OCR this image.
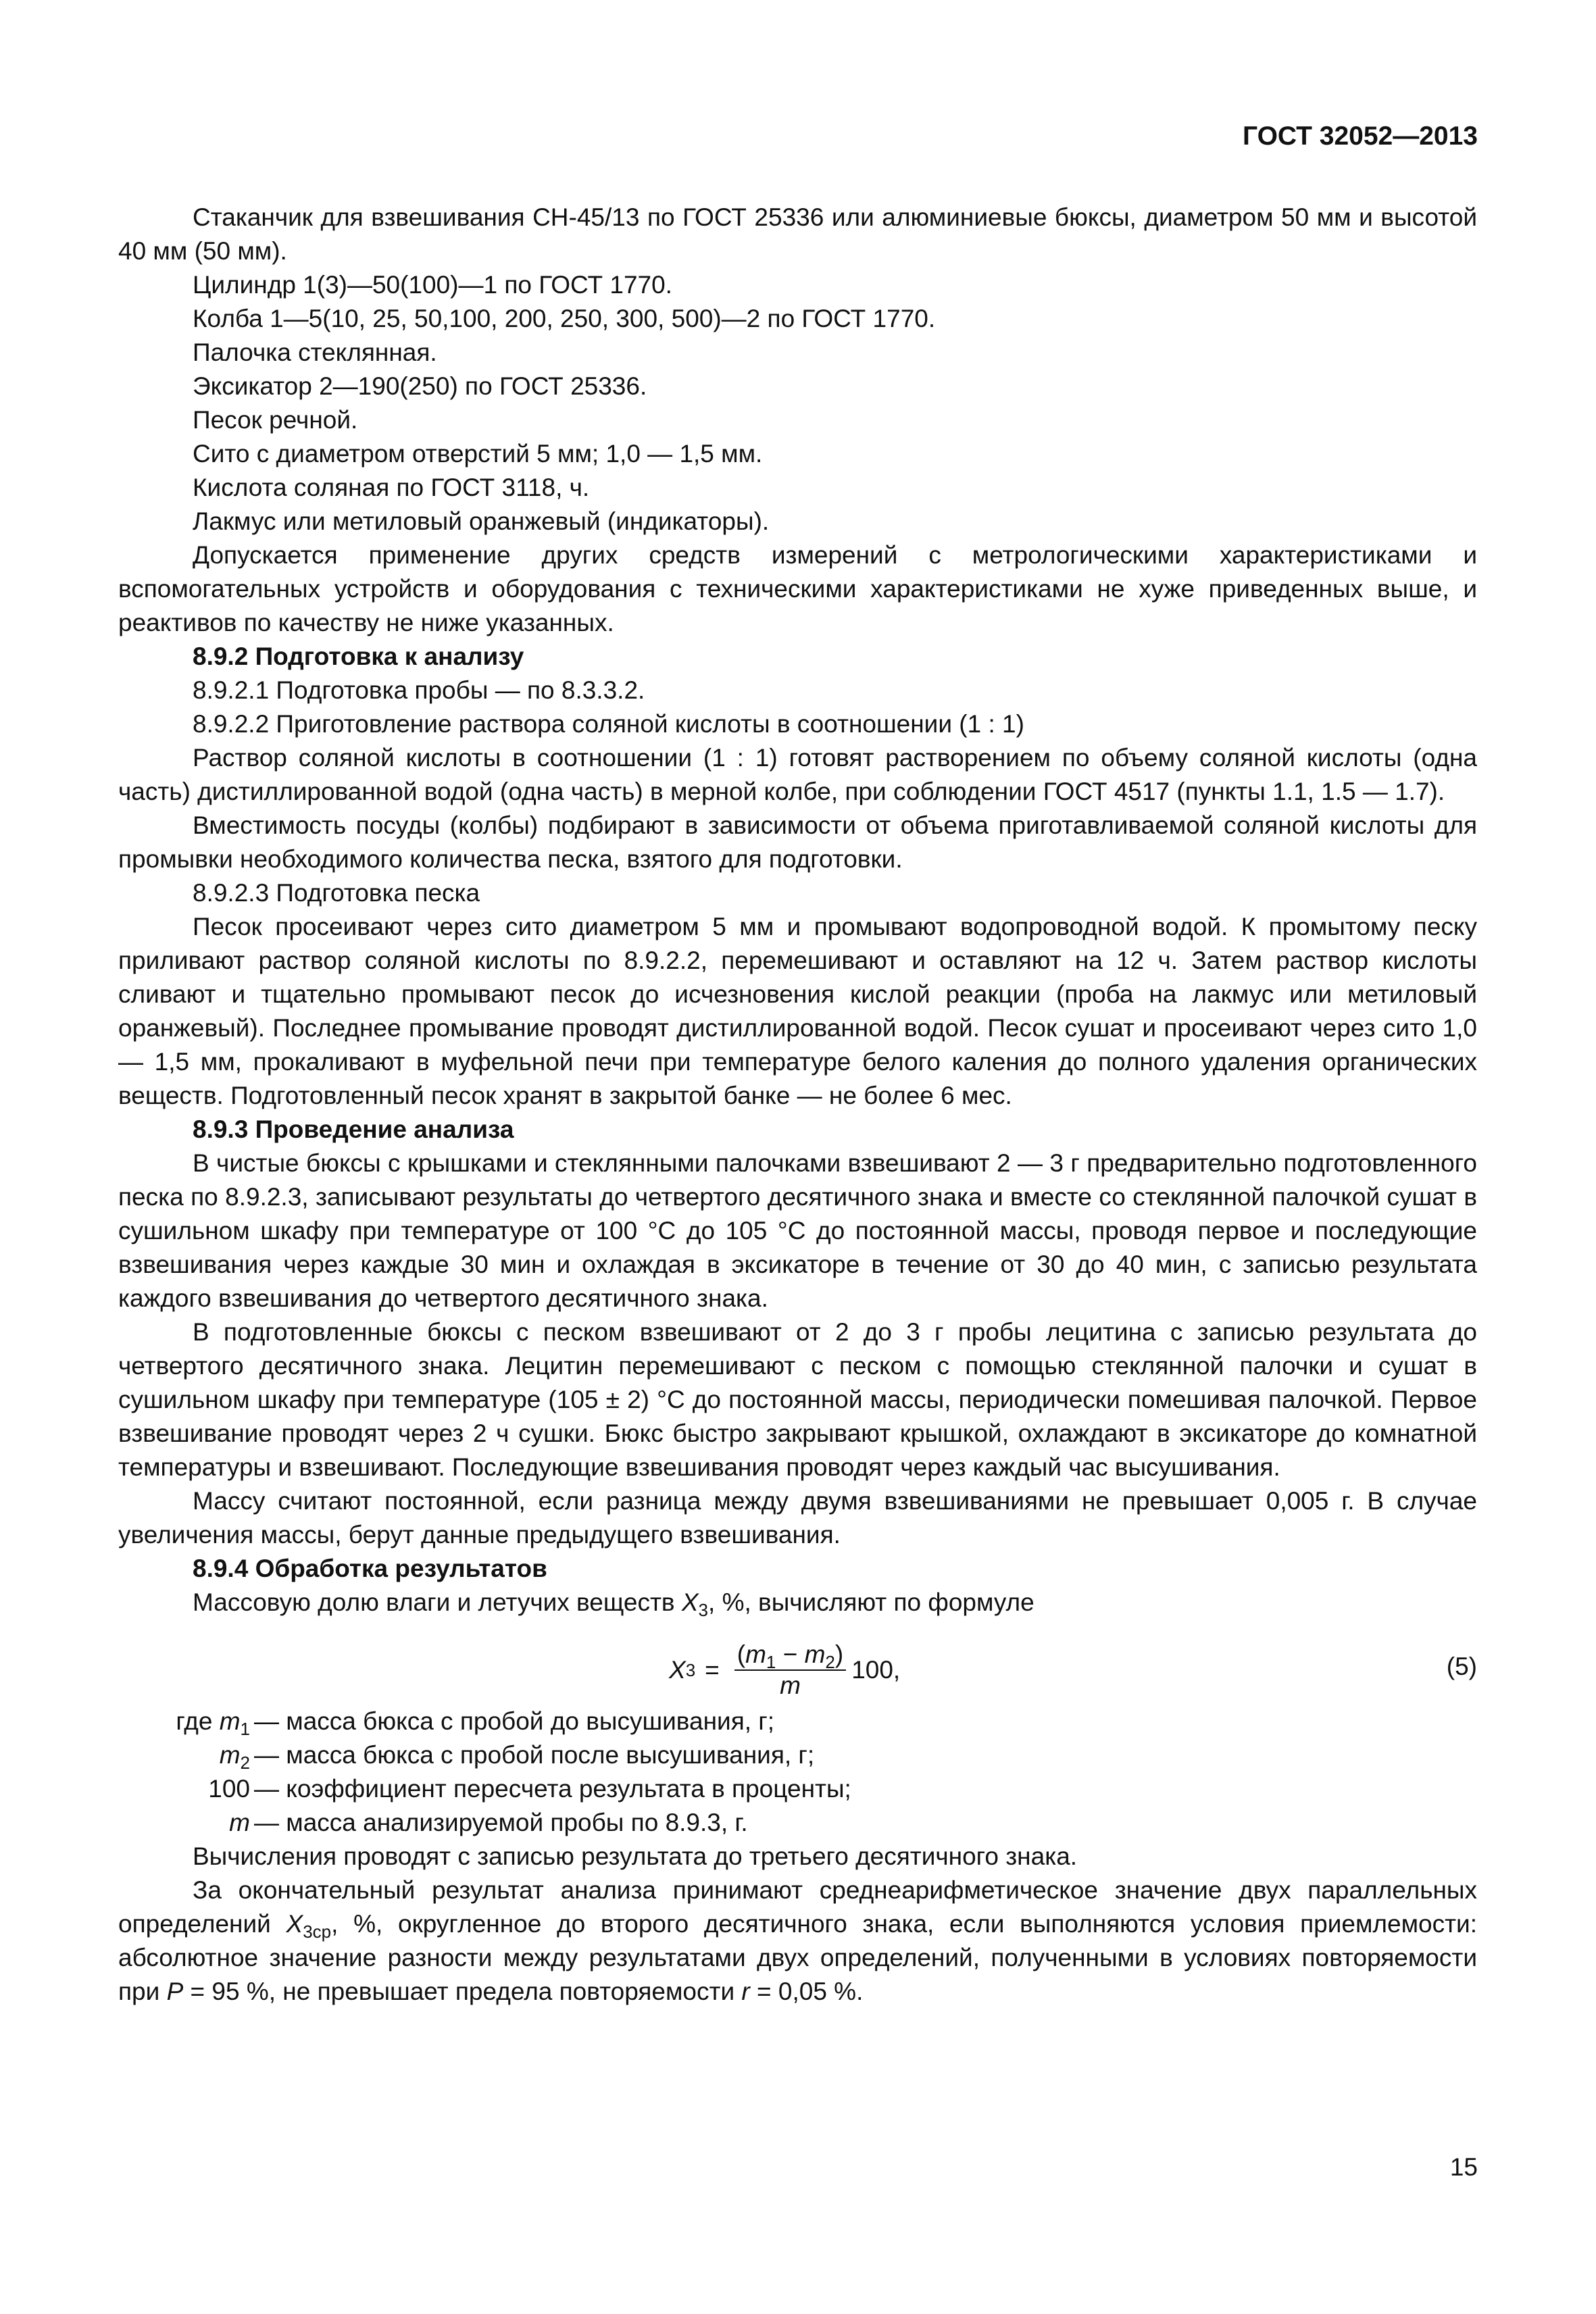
ГОСТ 32052—2013

Стаканчик для взвешивания СН-45/13 по ГОСТ 25336 или алюминиевые бюксы, диаметром 50 мм и высотой 40 мм (50 мм).

Цилиндр 1(3)—50(100)—1 по ГОСТ 1770.

Колба 1—5(10, 25, 50,100, 200, 250, 300, 500)—2 по ГОСТ 1770.

Палочка стеклянная.

Эксикатор 2—190(250) по ГОСТ 25336.

Песок речной.

Сито с диаметром отверстий 5 мм; 1,0 — 1,5 мм.

Кислота соляная по ГОСТ 3118, ч.

Лакмус или метиловый оранжевый (индикаторы).

Допускается применение других средств измерений с метрологическими характеристиками и вспомогательных устройств и оборудования с техническими характеристиками не хуже приведенных выше, и реактивов по качеству не ниже указанных.

8.9.2 Подготовка к анализу

8.9.2.1 Подготовка пробы — по 8.3.3.2.

8.9.2.2 Приготовление раствора соляной кислоты в соотношении (1 : 1)

Раствор соляной кислоты в соотношении (1 : 1) готовят растворением по объему соляной кислоты (одна часть) дистиллированной водой (одна часть) в мерной колбе, при соблюдении ГОСТ 4517 (пункты 1.1, 1.5 — 1.7).

Вместимость посуды (колбы) подбирают в зависимости от объема приготавливаемой соляной кислоты для промывки необходимого количества песка, взятого для подготовки.

8.9.2.3 Подготовка песка

Песок просеивают через сито диаметром 5 мм и промывают водопроводной водой. К промытому песку приливают раствор соляной кислоты по 8.9.2.2, перемешивают и оставляют на 12 ч. Затем раствор кислоты сливают и тщательно промывают песок до исчезновения кислой реакции (проба на лакмус или метиловый оранжевый). Последнее промывание проводят дистиллированной водой. Песок сушат и просеивают через сито 1,0 — 1,5 мм, прокаливают в муфельной печи при температуре белого каления до полного удаления органических веществ. Подготовленный песок хранят в закрытой банке — не более 6 мес.

8.9.3 Проведение анализа

В чистые бюксы с крышками и стеклянными палочками взвешивают 2 — 3 г предварительно подготовленного песка по 8.9.2.3, записывают результаты до четвертого десятичного знака и вместе со стеклянной палочкой сушат в сушильном шкафу при температуре от 100 °С до 105 °С до постоянной массы, проводя первое и последующие взвешивания через каждые 30 мин и охлаждая в эксикаторе в течение от 30 до 40 мин, с записью результата каждого взвешивания до четвертого десятичного знака.

В подготовленные бюксы с песком взвешивают от 2 до 3 г пробы лецитина с записью результата до четвертого десятичного знака. Лецитин перемешивают с песком с помощью стеклянной палочки и сушат в сушильном шкафу при температуре (105 ± 2) °С до постоянной массы, периодически помешивая палочкой. Первое взвешивание проводят через 2 ч сушки. Бюкс быстро закрывают крышкой, охлаждают в эксикаторе до комнатной температуры и взвешивают. Последующие взвешивания проводят через каждый час высушивания.

Массу считают постоянной, если разница между двумя взвешиваниями не превышает 0,005 г. В случае увеличения массы, берут данные предыдущего взвешивания.

8.9.4 Обработка результатов

Массовую долю влаги и летучих веществ $X_3$, %, вычисляют по формуле

X $3 = \frac{(m_1 - m_2)}{m} 100$,	(5)
где $m_1$ — масса бюкса с пробой до высушивания, г;
$m_2$ — масса бюкса с пробой после высушивания, г;
100 — коэффициент пересчета результата в проценты;
m — масса анализируемой пробы по 8.9.3, г.

Вычисления проводят с записью результата до третьего десятичного знака.

За окончательный результат анализа принимают среднеарифметическое значение двух параллельных определений $X_{3ср}$, %, округленное до второго десятичного знака, если выполняются условия приемлемости: абсолютное значение разности между результатами двух определений, полученными в условиях повторяемости при P = 95 %, не превышает предела повторяемости r = 0,05 %.

15
